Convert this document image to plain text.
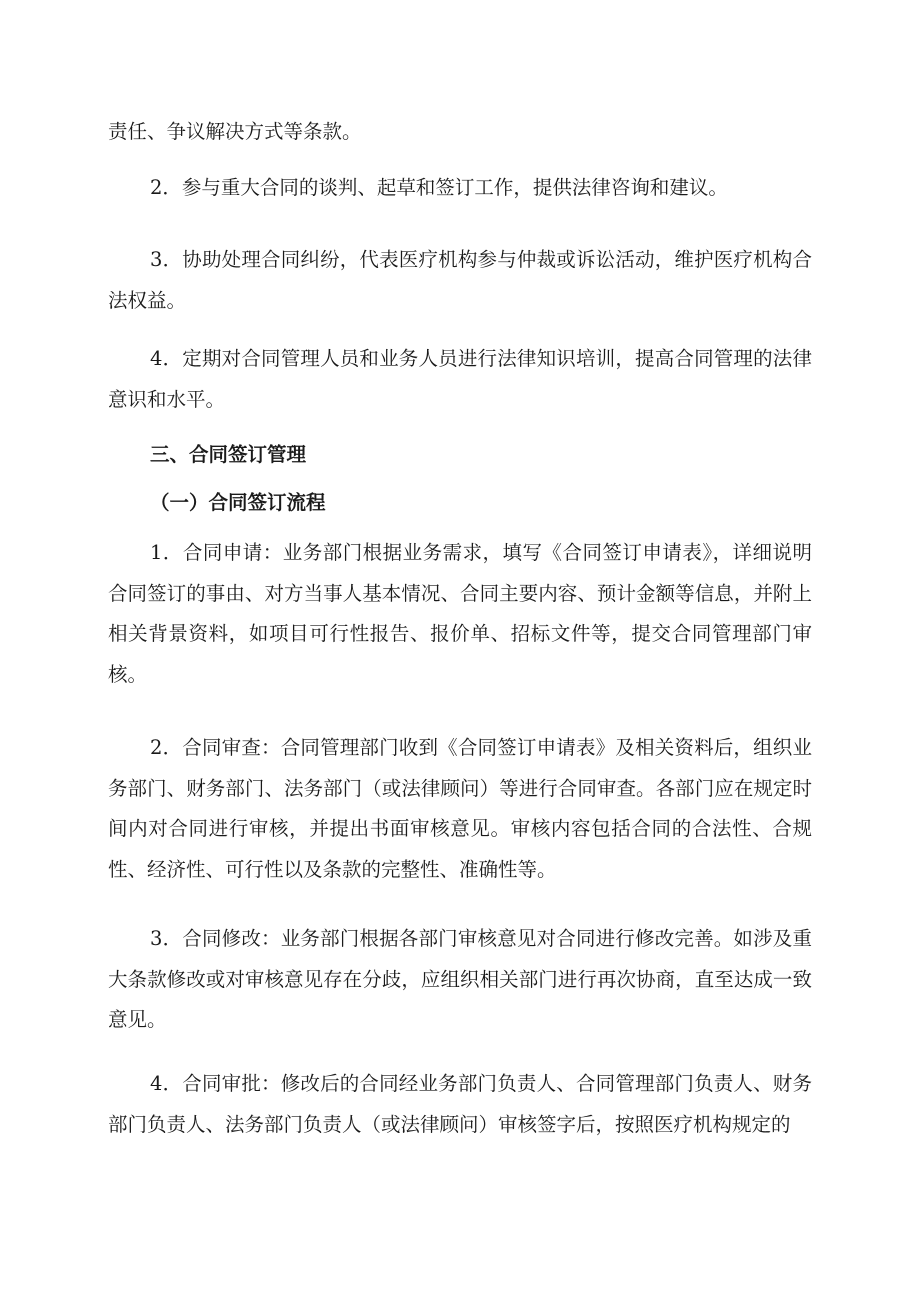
责任、争议解决方式等条款。

2．参与重大合同的谈判、起草和签订工作，提供法律咨询和建议。

3．协助处理合同纠纷，代表医疗机构参与仲裁或诉讼活动，维护医疗机构合法权益。

4．定期对合同管理人员和业务人员进行法律知识培训，提高合同管理的法律意识和水平。

三、合同签订管理
（一）合同签订流程

1．合同申请：业务部门根据业务需求，填写《合同签订申请表》，详细说明合同签订的事由、对方当事人基本情况、合同主要内容、预计金额等信息，并附上相关背景资料，如项目可行性报告、报价单、招标文件等，提交合同管理部门审核。

2．合同审查：合同管理部门收到《合同签订申请表》及相关资料后，组织业务部门、财务部门、法务部门（或法律顾问）等进行合同审查。各部门应在规定时间内对合同进行审核，并提出书面审核意见。审核内容包括合同的合法性、合规性、经济性、可行性以及条款的完整性、准确性等。

3．合同修改：业务部门根据各部门审核意见对合同进行修改完善。如涉及重大条款修改或对审核意见存在分歧，应组织相关部门进行再次协商，直至达成一致意见。

4．合同审批：修改后的合同经业务部门负责人、合同管理部门负责人、财务部门负责人、法务部门负责人（或法律顾问）审核签字后，按照医疗机构规定的
